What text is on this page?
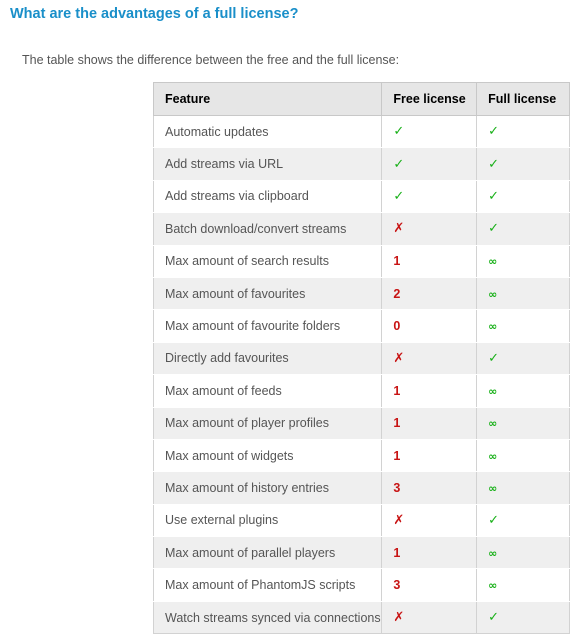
What are the advantages of a full license?

The table shows the difference between the free and the full license:

Feature	Free license	Full license
Automatic updates	✓	✓
Add streams via URL	✓	✓
Add streams via clipboard	✓	✓
Batch download/convert streams	✗	✓
Max amount of search results	1	∞
Max amount of favourites	2	∞
Max amount of favourite folders	0	∞
Directly add favourites	✗	✓
Max amount of feeds	1	∞
Max amount of player profiles	1	∞
Max amount of widgets	1	∞
Max amount of history entries	3	∞
Use external plugins	✗	✓
Max amount of parallel players	1	∞
Max amount of PhantomJS scripts	3	∞
Watch streams synced via connections	✗	✓
